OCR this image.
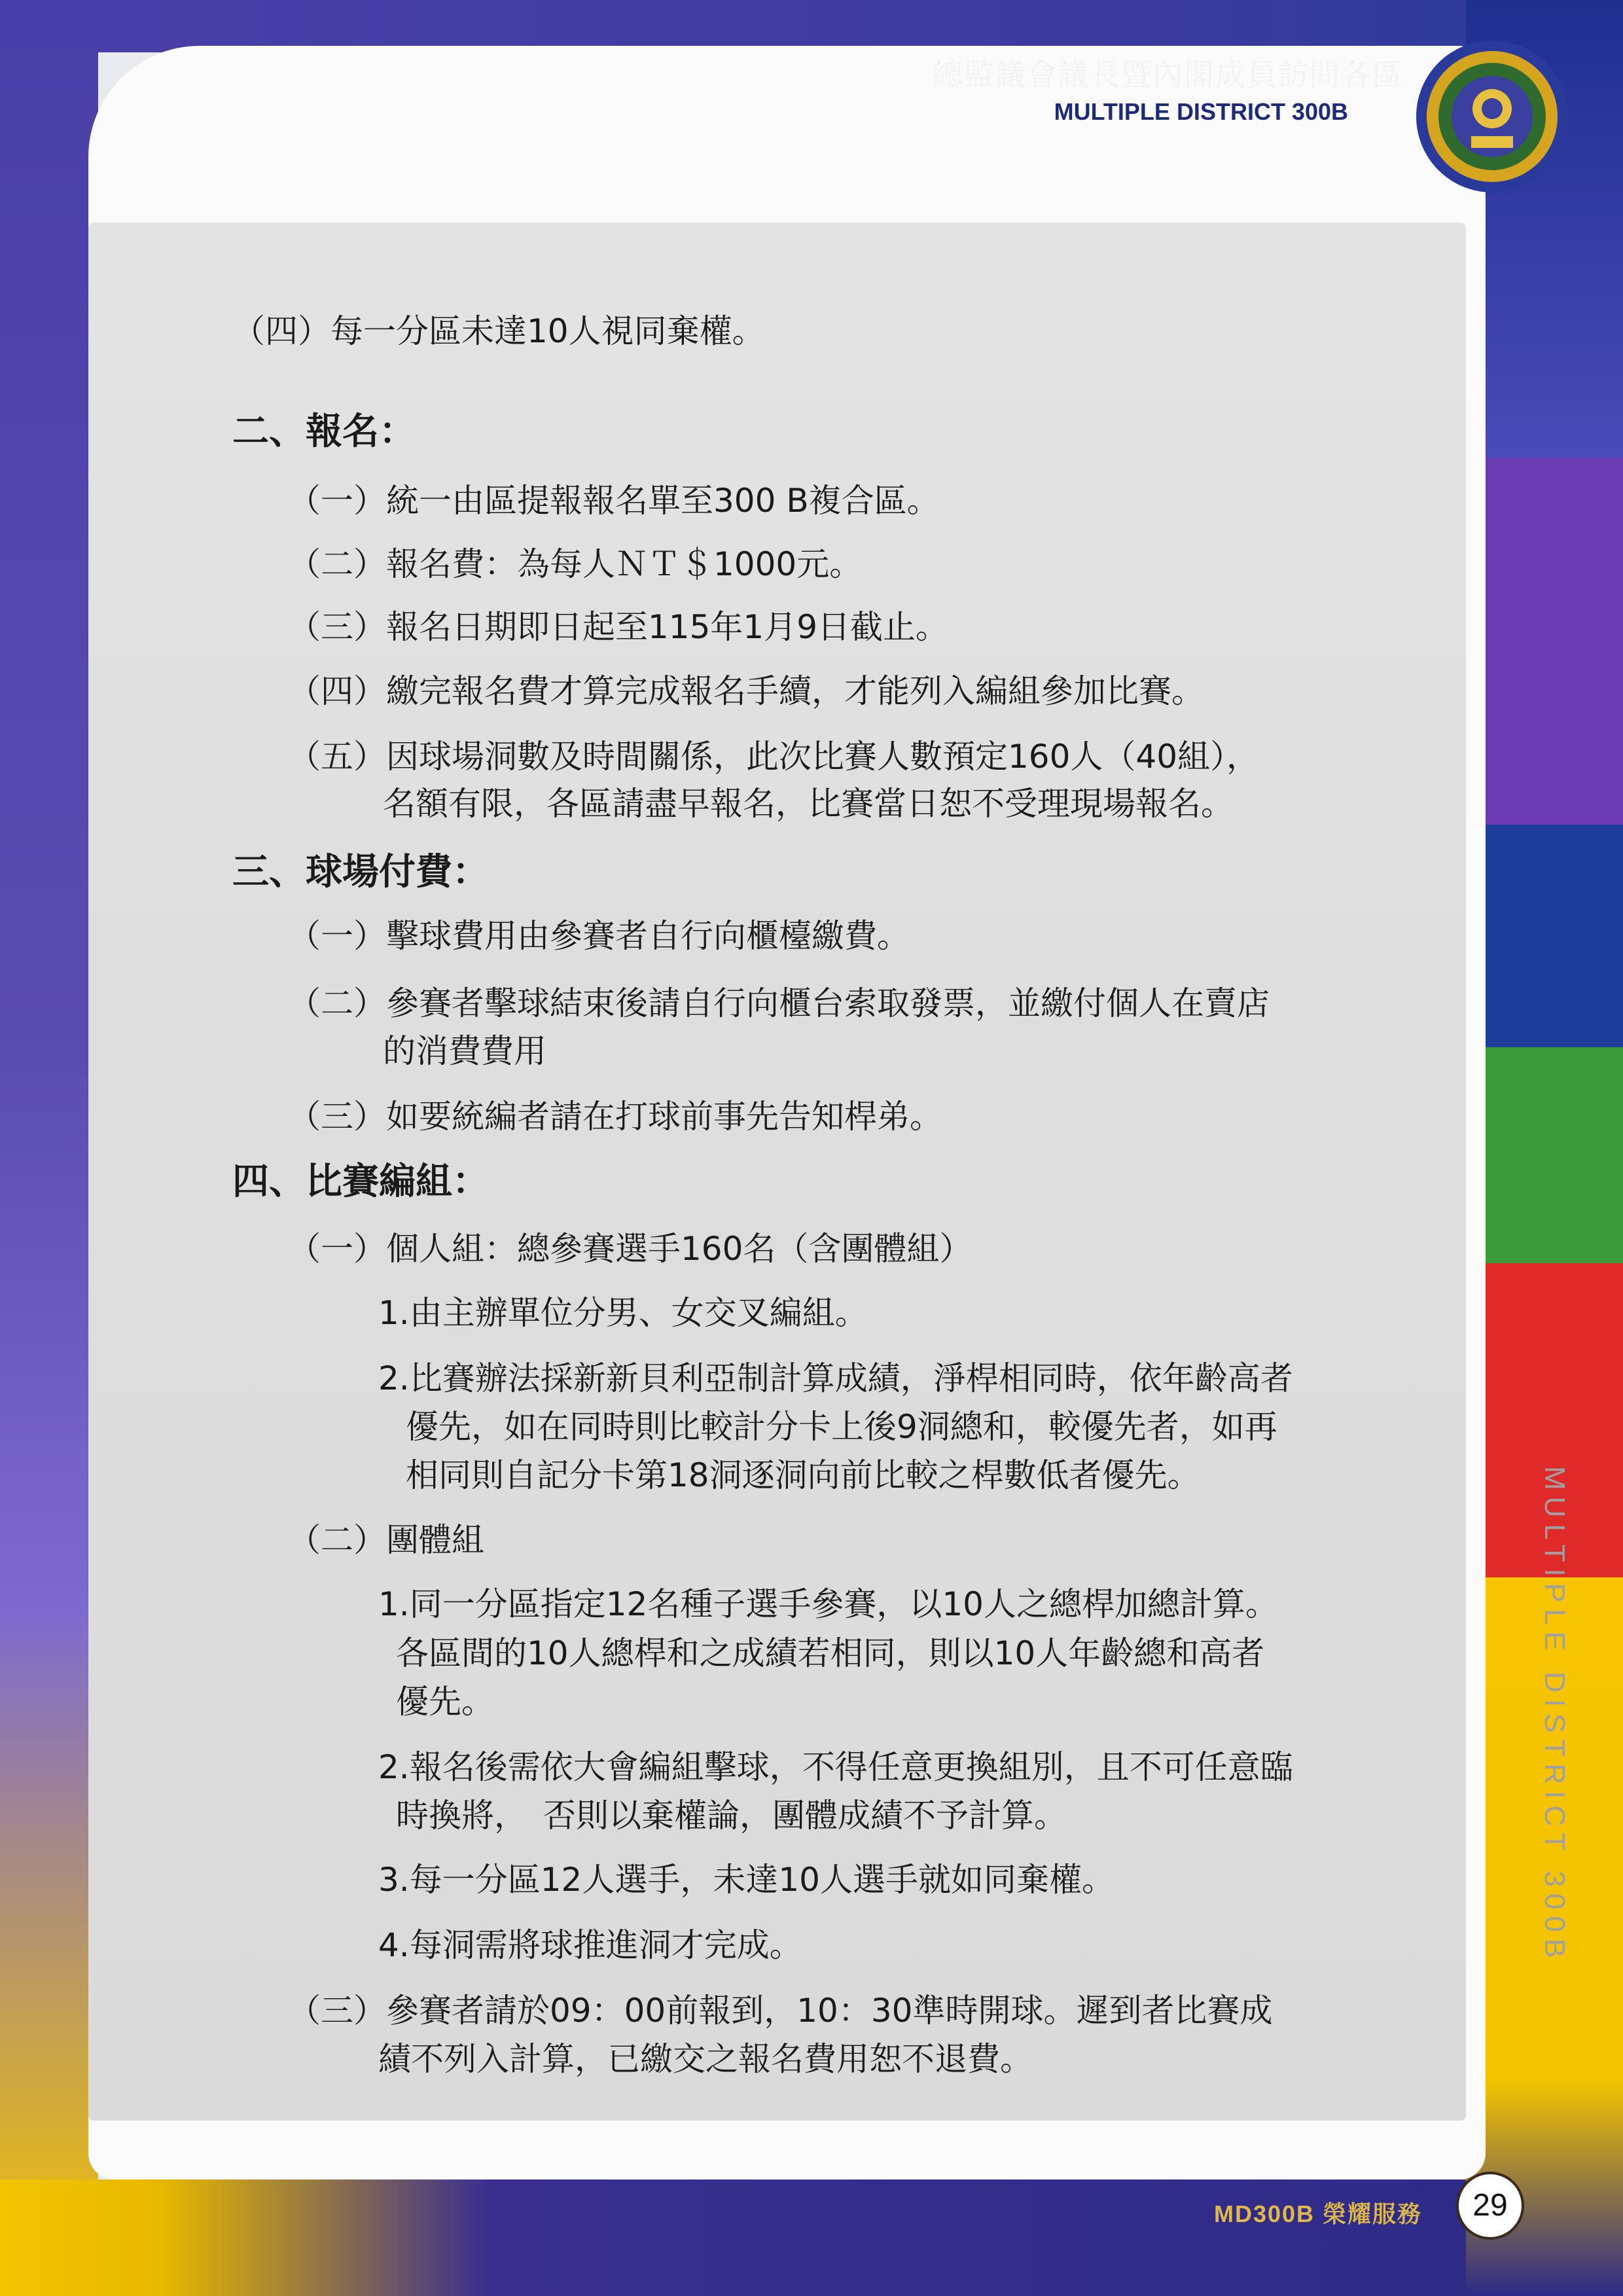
總監議會議長暨內閣成員訪問各區
MULTIPLE DISTRICT 300B
MULTIPLE DISTRICT 300B
MD300B 榮耀服務	29
（四）每一分區未達10人視同棄權。
二、報名：
（一）統一由區提報報名單至300 B複合區。
（二）報名費：為每人ＮＴ＄1000元。
（三）報名日期即日起至115年1月9日截止。
（四）繳完報名費才算完成報名手續，才能列入編組參加比賽。
（五）因球場洞數及時間關係，此次比賽人數預定160人（40組），
名額有限，各區請盡早報名，比賽當日恕不受理現場報名。
三、球場付費：
（一）擊球費用由參賽者自行向櫃檯繳費。
（二）參賽者擊球結束後請自行向櫃台索取發票，並繳付個人在賣店
的消費費用
（三）如要統編者請在打球前事先告知桿弟。
四、比賽編組：
（一）個人組：總參賽選手160名（含團體組）
1.由主辦單位分男、女交叉編組。
2.比賽辦法採新新貝利亞制計算成績，淨桿相同時，依年齡高者
優先，如在同時則比較計分卡上後9洞總和，較優先者，如再
相同則自記分卡第18洞逐洞向前比較之桿數低者優先。
（二）團體組
1.同一分區指定12名種子選手參賽，以10人之總桿加總計算。
各區間的10人總桿和之成績若相同，則以10人年齡總和高者
優先。
2.報名後需依大會編組擊球，不得任意更換組別，且不可任意臨
時換將，　否則以棄權論，團體成績不予計算。
3.每一分區12人選手，未達10人選手就如同棄權。
4.每洞需將球推進洞才完成。
（三）參賽者請於09：00前報到，10：30準時開球。遲到者比賽成
績不列入計算，已繳交之報名費用恕不退費。
